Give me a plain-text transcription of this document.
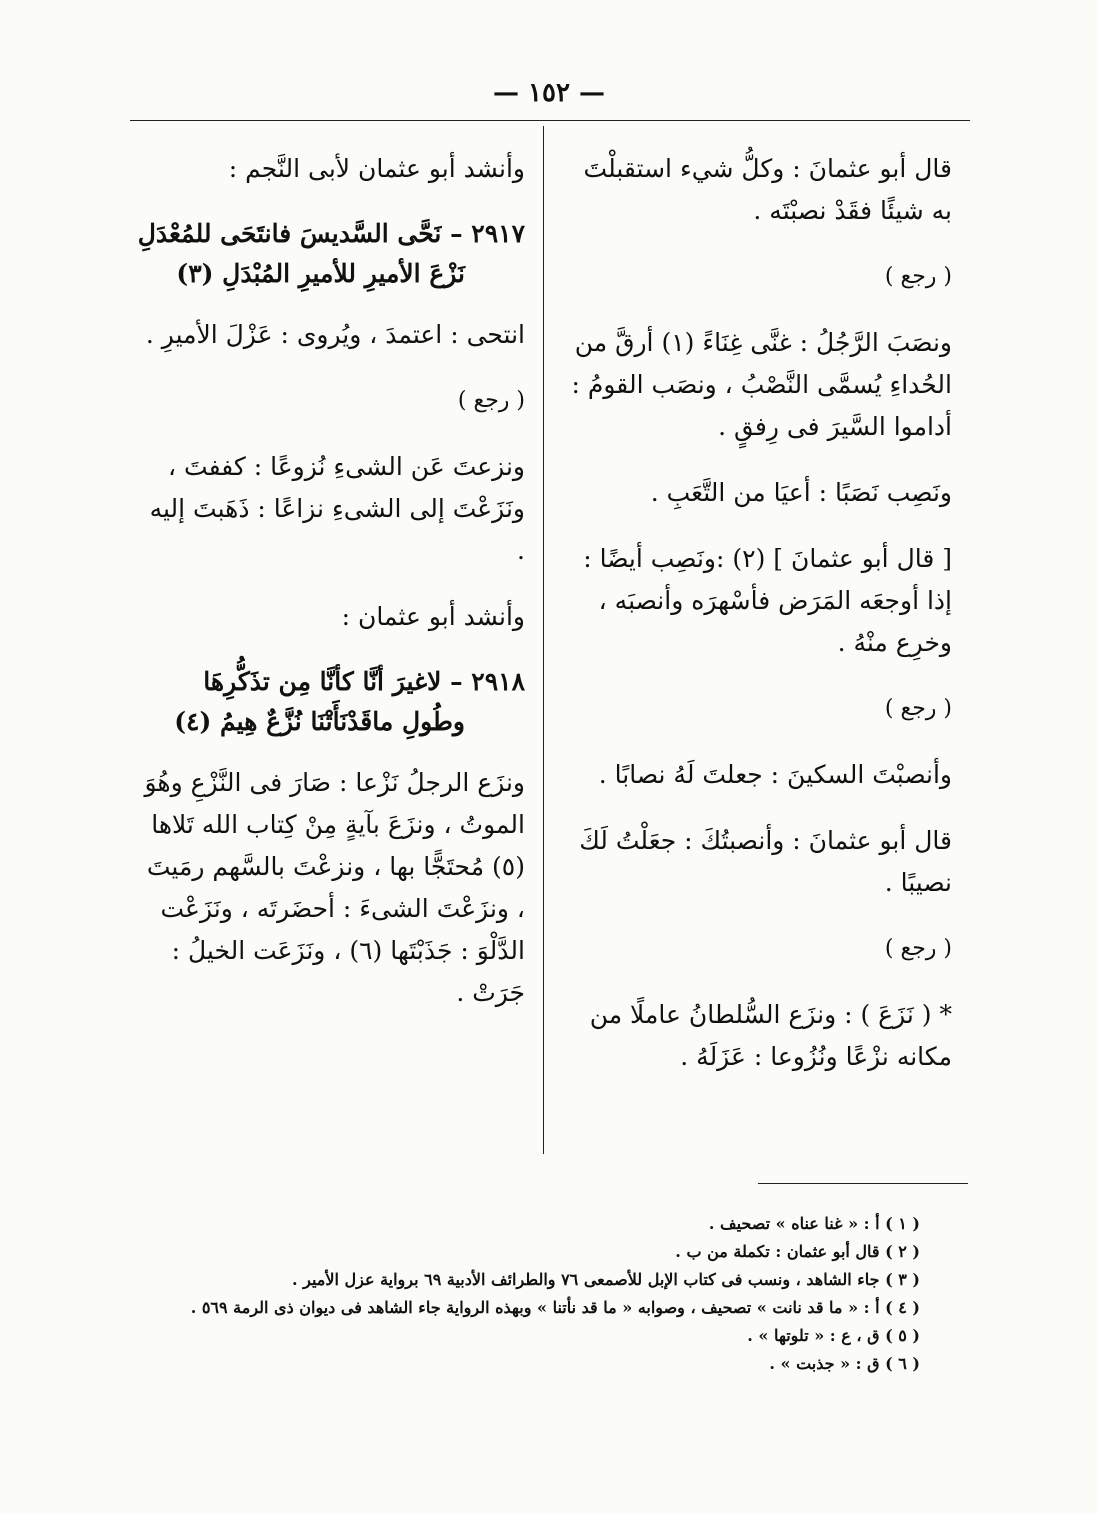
— ١٥٢ —

قال أبو عثمانَ : وكلُّ شيء استقبلْتَ به شيئًا فقَدْ نصبْتَه .

( رجع )

ونصَبَ الرَّجُلُ : غنَّى غِنَاءً (١) أرقَّ من الحُداءِ يُسمَّى النَّصْبُ ، ونصَب القومُ : أداموا السَّيرَ فى رِفقٍ .

ونَصِب نَصَبًا : أعيَا من التَّعَبِ .

[ قال أبو عثمانَ ] (٢) :ونَصِب أيضًا : إذا أوجعَه المَرَض فأسْهرَه وأنصبَه ، وخرِع منْهُ .

( رجع )

وأنصبْتَ السكينَ : جعلتَ لَهُ نصابًا .

قال أبو عثمانَ : وأنصبتُكَ : جعَلْتُ لَكَ نصيبًا .

( رجع )

* ( نَزَعَ ) : ونزَع السُّلطانُ عاملًا من مكانه نزْعًا ونُزُوعا : عَزَلَهُ .

وأنشد أبو عثمان لأبى النَّجم :

٢٩١٧ – نَحَّى السَّديسَ فانتَحَى للمُعْدَلِ
نَزْعَ الأميرِ للأميرِ المُبْدَلِ (٣)

انتحى : اعتمدَ ، ويُروى : عَزْلَ الأميرِ .

( رجع )

ونزعتَ عَن الشىءِ نُزوعًا : كففتَ ، ونَزَعْتَ إلى الشىءِ نزاعًا : ذَهَبتَ إليه .

وأنشد أبو عثمان :

٢٩١٨ – لاغيرَ أنَّا كأنَّا مِن تذَكُّرِهَا
وطُولِ ماقَدْنَأَتْنَا نُزَّعٌ هِيمُ (٤)

ونزَع الرجلُ نَزْعا : صَارَ فى النَّزْعِ وهُوَ الموتُ ، ونزَعَ بآيةٍ مِنْ كِتاب الله تَلاها (٥) مُحتَجًّا بها ، ونزعْتَ بالسَّهم رمَيتَ ، ونزَعْتَ الشىءَ : أحضَرتَه ، ونَزَعْت الدَّلْوَ : جَذَبْتَها (٦) ، ونَزَعَت الخيلُ : جَرَتْ .

( ١ ) أ : « غنا عناه » تصحيف .
( ٢ ) قال أبو عثمان : تكملة من ب .
( ٣ ) جاء الشاهد ، ونسب فى كتاب الإبل للأصمعى ٧٦ والطرائف الأدبية ٦٩ برواية عزل الأمير .
( ٤ ) أ : « ما قد نانت » تصحيف ، وصوابه « ما قد نأتنا » وبهذه الرواية جاء الشاهد فى ديوان ذى الرمة ٥٦٩ .
( ٥ ) ق ، ع : « تلوتها » .
( ٦ ) ق : « جذبت » .
